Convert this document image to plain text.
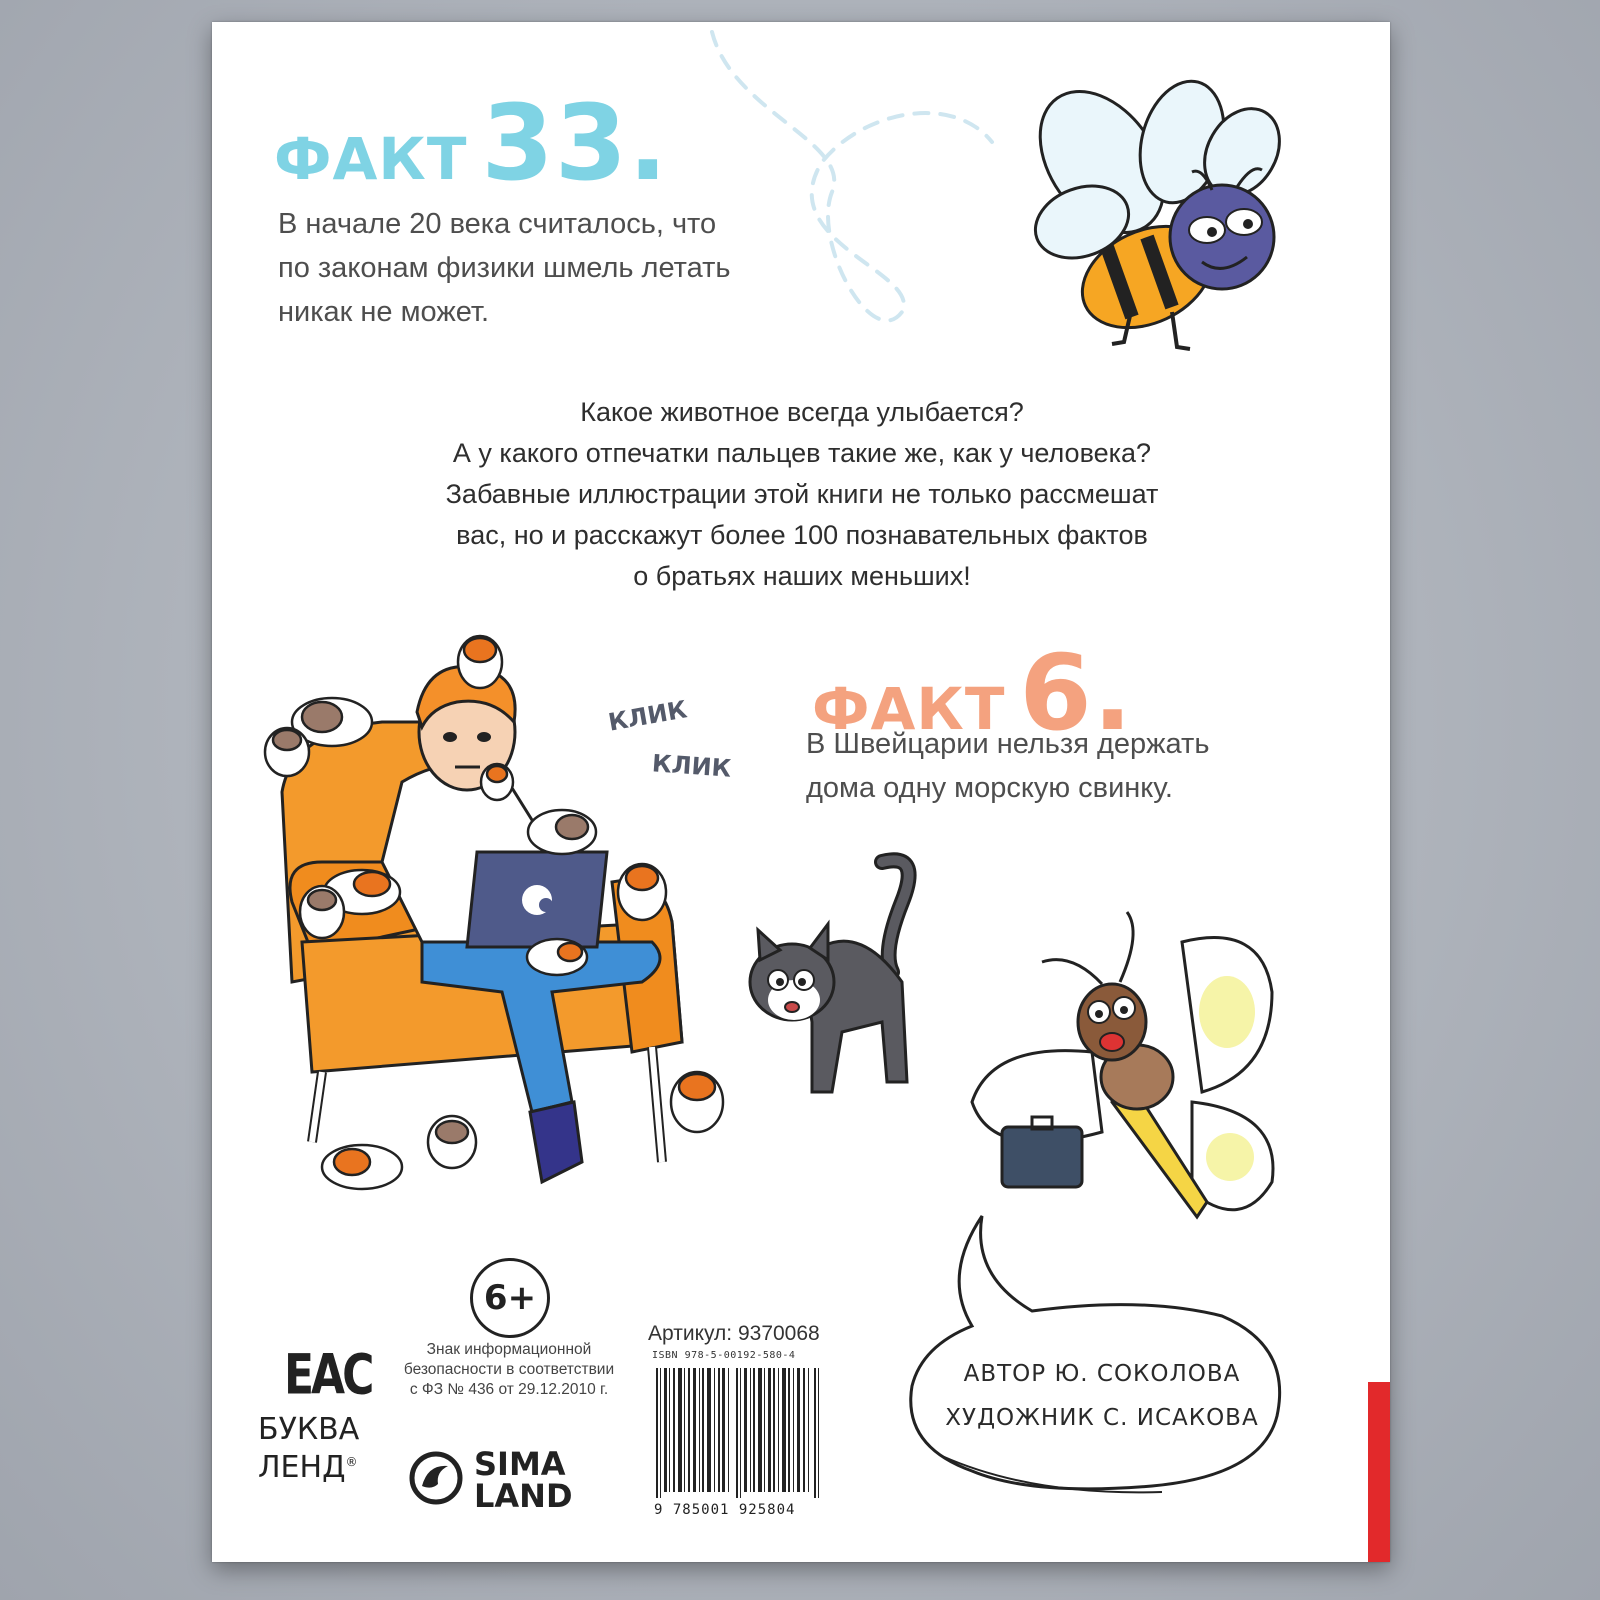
ФАКТ 33.
В начале 20 века считалось, что
по законам физики шмель летать
никак не может.
Какое животное всегда улыбается?
А у какого отпечатки пальцев такие же, как у человека?
Забавные иллюстрации этой книги не только рассмешат
вас, но и расскажут более 100 познавательных фактов
о братьях наших меньших!
КЛИК
КЛИК
ФАКТ 6.
В Швейцарии нельзя держать
дома одну морскую свинку.
АВТОР Ю. СОКОЛОВА
ХУДОЖНИК С. ИСАКОВА
6+
Знак информационной
безопасности в соответствии
с ФЗ № 436 от 29.12.2010 г.
ЕАС
БУКВА
ЛЕНД®	SIMA
LAND
Артикул: 9370068
ISBN 978-5-00192-580-4
9 785001 925804
